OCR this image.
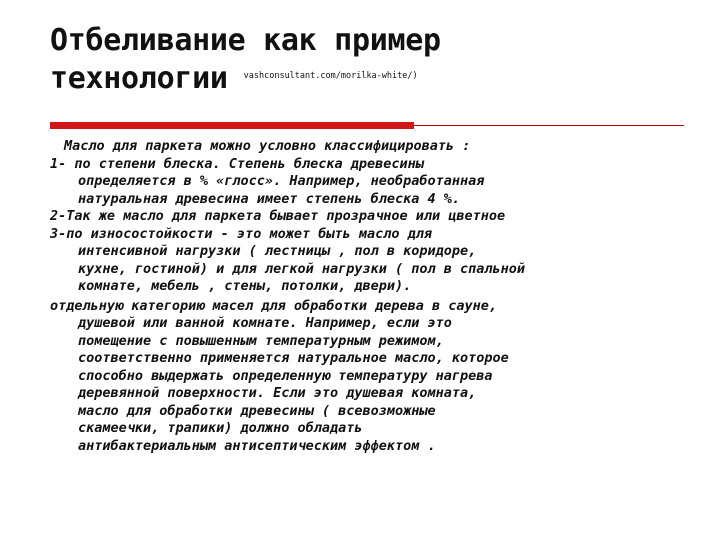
Отбеливание как пример
технологии vashconsultant.com/morilka-white/)
Масло для паркета можно условно классифицировать :
1- по степени блеска. Степень блеска древесины
определяется в % «глосс». Например, необработанная
натуральная древесина имеет степень блеска 4 %.
2-Так же масло для паркета бывает прозрачное или цветное
3-по износостойкости - это может быть масло для
интенсивной нагрузки ( лестницы , пол в коридоре,
кухне, гостиной) и для легкой нагрузки ( пол в спальной
комнате, мебель , стены, потолки, двери).
отдельную категорию масел для обработки дерева в сауне,
душевой или ванной комнате. Например, если это
помещение с повышенным температурным режимом,
соответственно применяется натуральное масло, которое
способно выдержать определенную температуру нагрева
деревянной поверхности. Если это душевая комната,
масло для обработки древесины ( всевозможные
скамеечки, трапики) должно обладать
антибактериальным антисептическим эффектом .
